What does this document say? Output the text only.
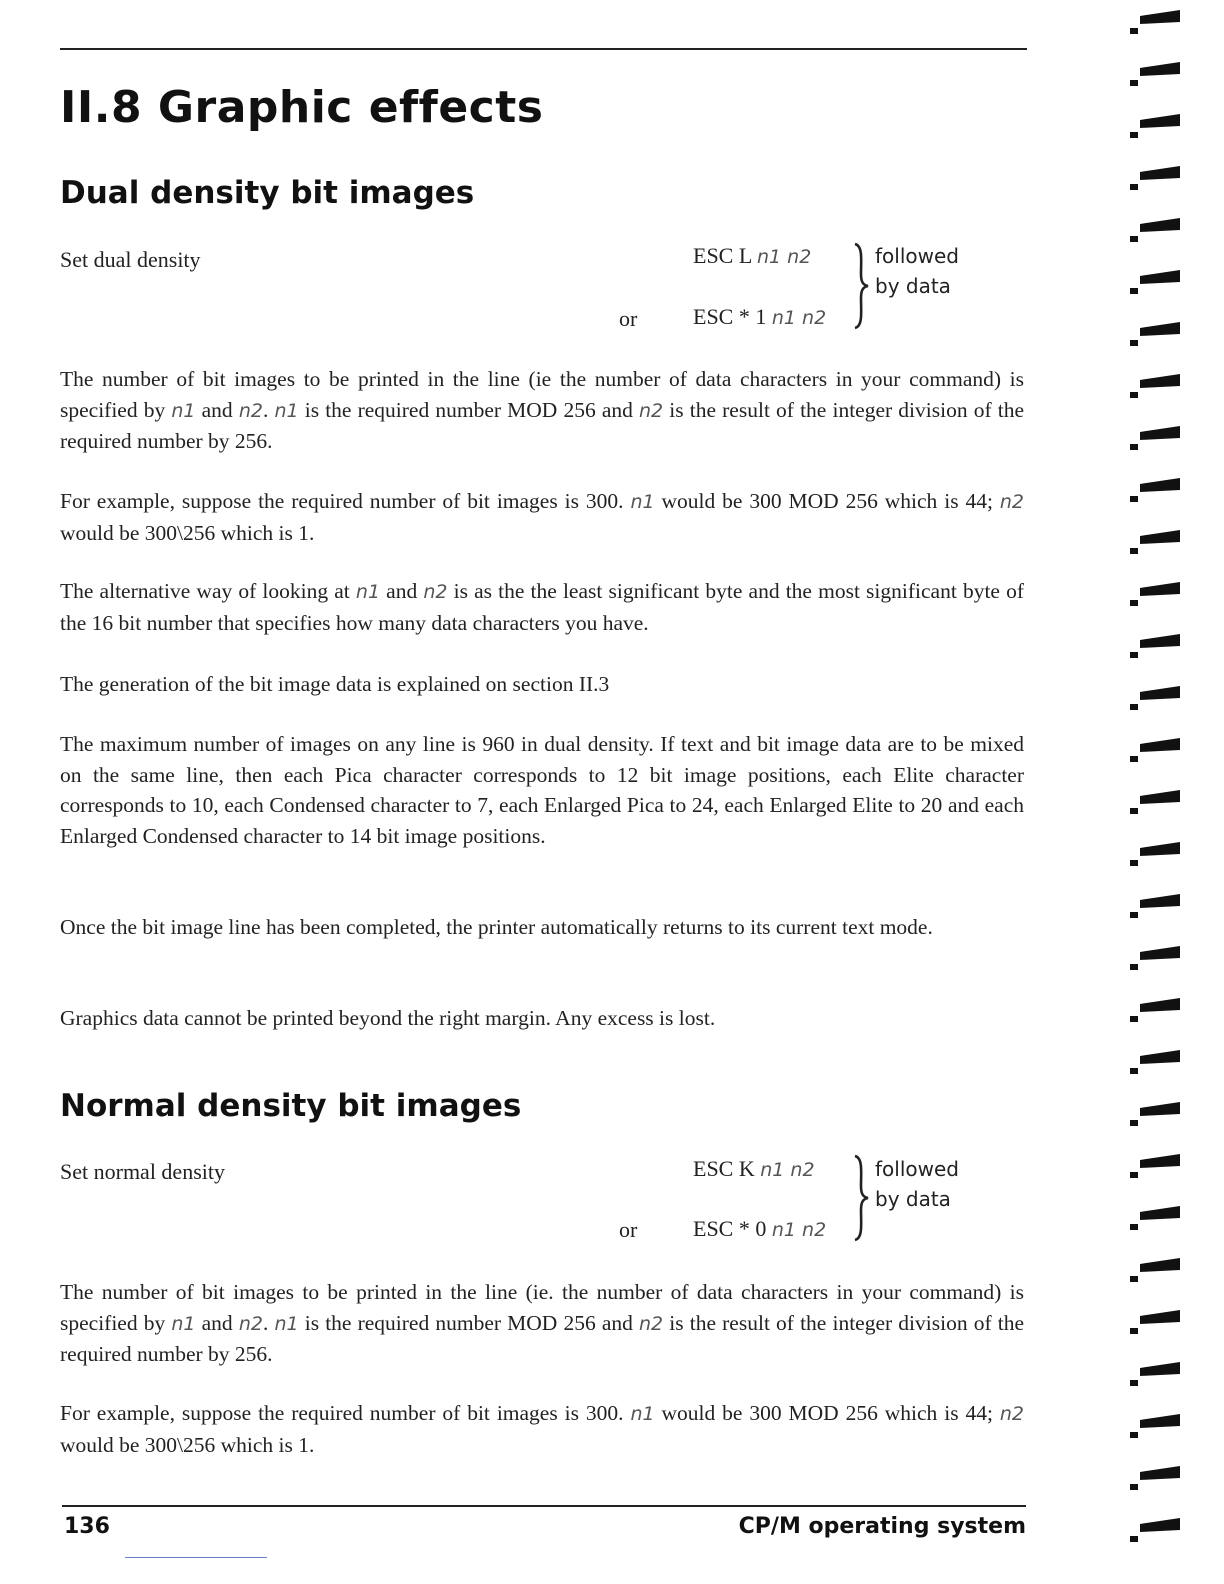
II.8 Graphic effects
Dual density bit images
Set dual density	ESC L n1 n2
or	ESC * 1 n1 n2
followed
by data

The number of bit images to be printed in the line (ie the number of data characters in your command) is specified by n1 and n2. n1 is the required number MOD 256 and n2 is the result of the integer division of the required number by 256.

For example, suppose the required number of bit images is 300. n1 would be 300 MOD 256 which is 44; n2 would be 300\256 which is 1.

The alternative way of looking at n1 and n2 is as the the least significant byte and the most significant byte of the 16 bit number that specifies how many data characters you have.

The generation of the bit image data is explained on section II.3

The maximum number of images on any line is 960 in dual density. If text and bit image data are to be mixed on the same line, then each Pica character corresponds to 12 bit image positions, each Elite character corresponds to 10, each Condensed character to 7, each Enlarged Pica to 24, each Enlarged Elite to 20 and each Enlarged Condensed character to 14 bit image positions.

Once the bit image line has been completed, the printer automatically returns to its current text mode.

Graphics data cannot be printed beyond the right margin. Any excess is lost.

Normal density bit images
Set normal density	ESC K n1 n2
or	ESC * 0 n1 n2
followed
by data

The number of bit images to be printed in the line (ie. the number of data characters in your command) is specified by n1 and n2. n1 is the required number MOD 256 and n2 is the result of the integer division of the required number by 256.

For example, suppose the required number of bit images is 300. n1 would be 300 MOD 256 which is 44; n2 would be 300\256 which is 1.

136	CP/M operating system
